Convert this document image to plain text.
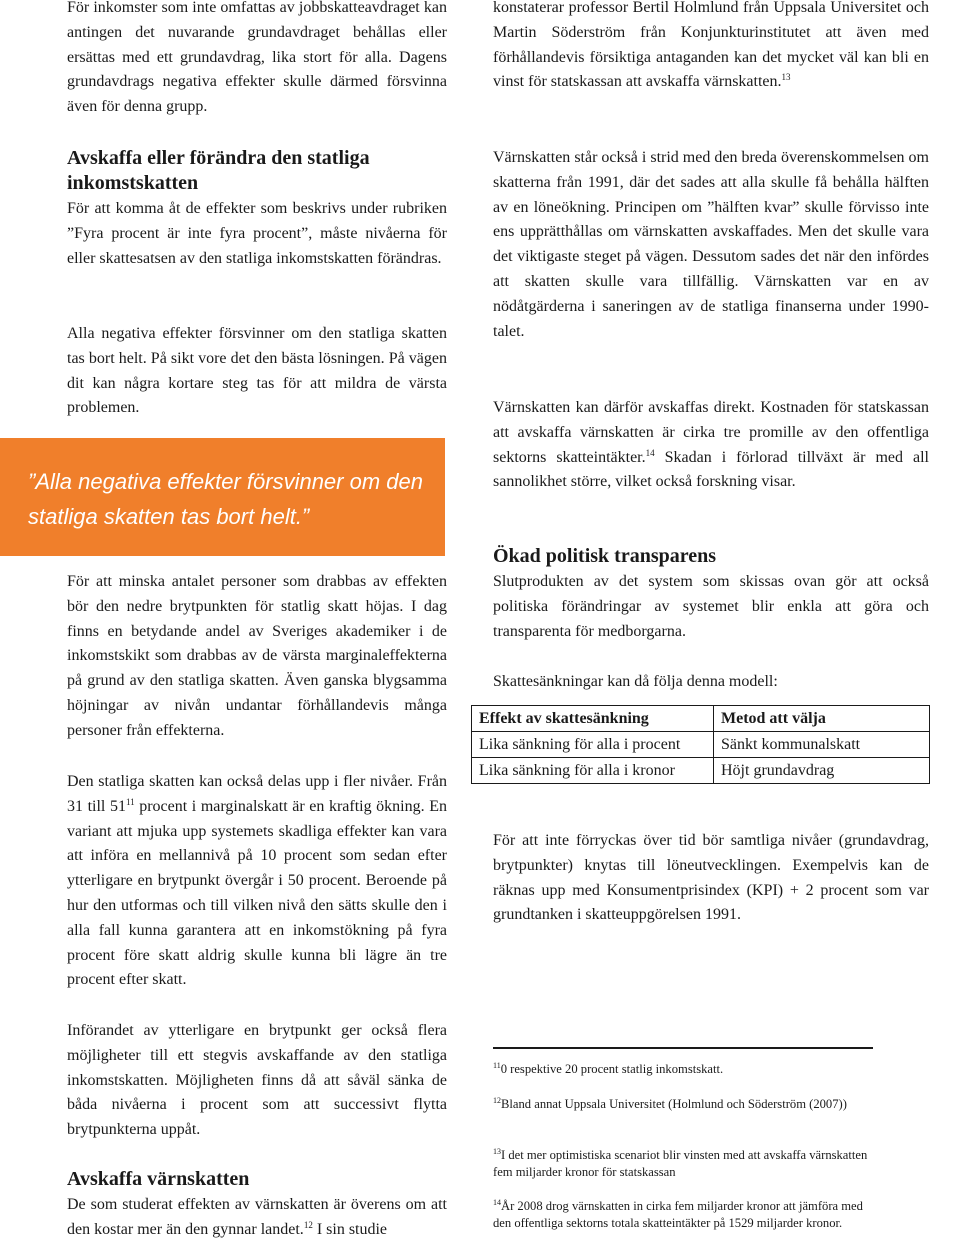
För inkomster som inte omfattas av jobbskatteavdraget kan antingen det nuvarande grundavdraget behållas eller ersättas med ett grundavdrag, lika stort för alla. Dagens grundavdrags negativa effekter skulle därmed försvinna även för denna grupp.

Avskaffa eller förändra den statliga inkomstskatten

För att komma åt de effekter som beskrivs under rubriken ”Fyra procent är inte fyra procent”, måste nivåerna för eller skattesatsen av den statliga inkomstskatten förändras.

Alla negativa effekter försvinner om den statliga skatten tas bort helt. På sikt vore det den bästa lösningen. På vägen dit kan några kortare steg tas för att mildra de värsta problemen.

För att minska antalet personer som drabbas av effekten bör den nedre brytpunkten för statlig skatt höjas. I dag finns en betydande andel av Sveriges akademiker i de inkomstskikt som drabbas av de värsta marginaleffekterna på grund av den statliga skatten. Även ganska blygsamma höjningar av nivån undantar förhållandevis många personer från effekterna.

Den statliga skatten kan också delas upp i fler nivåer. Från 31 till $51^{11}$ procent i marginalskatt är en kraftig ökning. En variant att mjuka upp systemets skadliga effekter kan vara att införa en mellannivå på 10 procent som sedan efter ytterligare en brytpunkt övergår i 50 procent. Beroende på hur den utformas och till vilken nivå den sätts skulle den i alla fall kunna garantera att en inkomstökning på fyra procent före skatt aldrig skulle kunna bli lägre än tre procent efter skatt.

Införandet av ytterligare en brytpunkt ger också flera möjligheter till ett stegvis avskaffande av den statliga inkomstskatten. Möjligheten finns då att såväl sänka de båda nivåerna i procent som att successivt flytta brytpunkterna uppåt.

Avskaffa värnskatten

De som studerat effekten av värnskatten är överens om att den kostar mer än den gynnar landet.$^{12}$ I sin studie

”Alla negativa effekter försvinner om den statliga skatten tas bort helt.”

konstaterar professor Bertil Holmlund från Uppsala Universitet och Martin Söderström från Konjunkturinstitutet att även med förhållandevis försiktiga antaganden kan det mycket väl kan bli en vinst för statskassan att avskaffa värnskatten.$^{13}$

Värnskatten står också i strid med den breda överenskommelsen om skatterna från 1991, där det sades att alla skulle få behålla hälften av en löneökning. Principen om ”hälften kvar” skulle förvisso inte ens upprätthållas om värnskatten avskaffades. Men det skulle vara det viktigaste steget på vägen. Dessutom sades det när den infördes att skatten skulle vara tillfällig. Värnskatten var en av nödåtgärderna i saneringen av de statliga finanserna under 1990-talet.

Värnskatten kan därför avskaffas direkt. Kostnaden för statskassan att avskaffa värnskatten är cirka tre promille av den offentliga sektorns skatteintäkter.$^{14}$ Skadan i förlorad tillväxt är med all sannolikhet större, vilket också forskning visar.

Ökad politisk transparens

Slutprodukten av det system som skissas ovan gör att också politiska förändringar av systemet blir enkla att göra och transparenta för medborgarna.

Skattesänkningar kan då följa denna modell:

För att inte förryckas över tid bör samtliga nivåer (grundavdrag, brytpunkter) knytas till löneutvecklingen. Exempelvis kan de räknas upp med Konsumentprisindex (KPI) + 2 procent som var grundtanken i skatteuppgörelsen 1991.

Effekt av skattesänkning	Metod att välja
Lika sänkning för alla i procent	Sänkt kommunalskatt
Lika sänkning för alla i kronor	Höjt grundavdrag
$^{11}$0 respektive 20 procent statlig inkomstskatt.
$^{12}$Bland annat Uppsala Universitet (Holmlund och Söderström (2007))
$^{13}$I det mer optimistiska scenariot blir vinsten med att avskaffa värnskatten fem miljarder kronor för statskassan
$^{14}$År 2008 drog värnskatten in cirka fem miljarder kronor att jämföra med den offentliga sektorns totala skatteintäkter på 1529 miljarder kronor.
